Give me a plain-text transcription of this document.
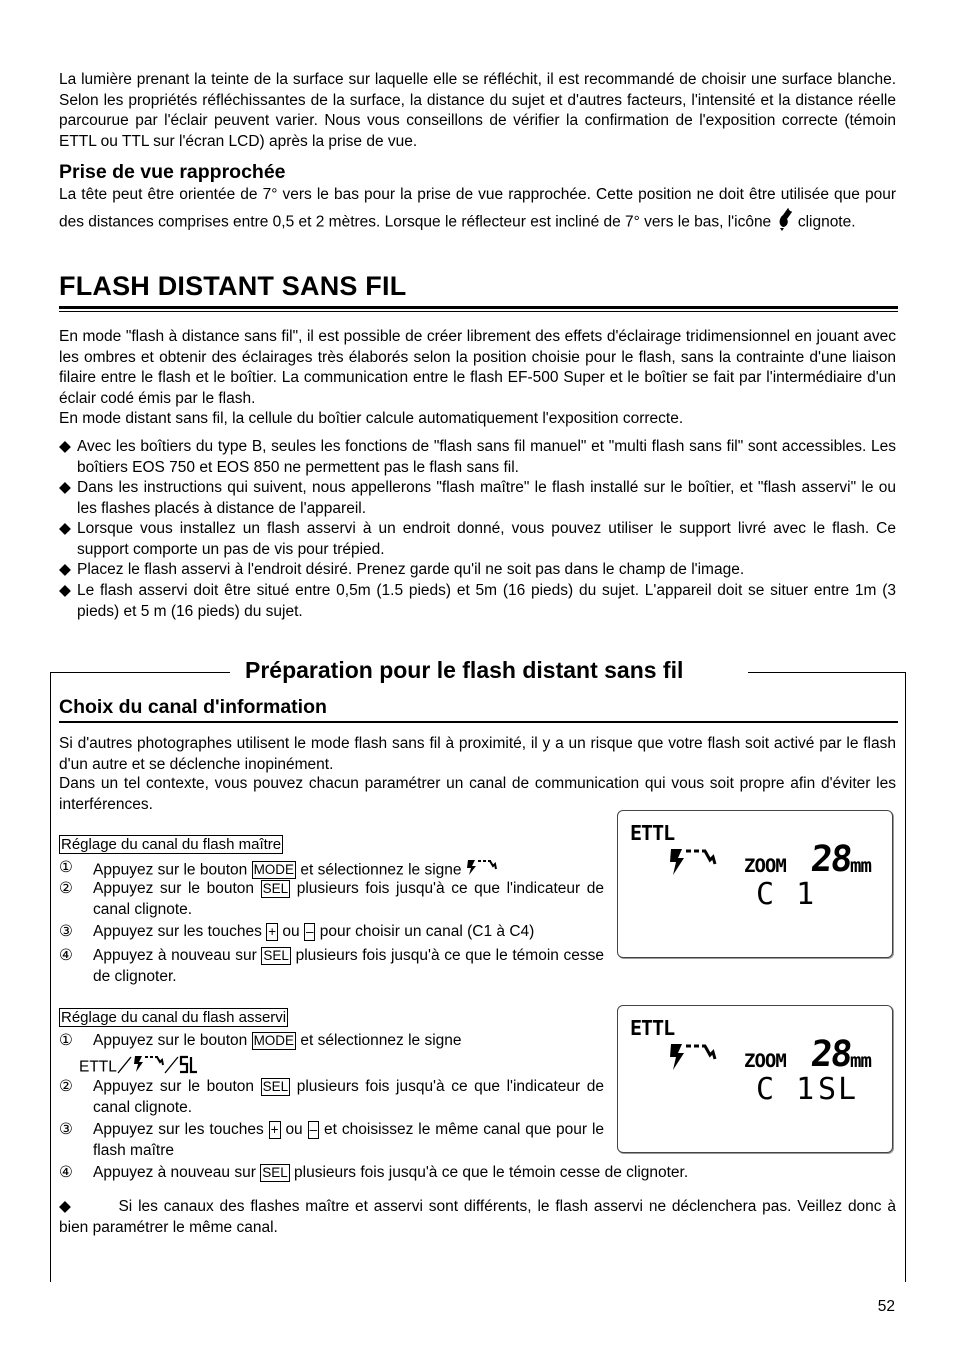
La lumière prenant la teinte de la surface sur laquelle elle se réfléchit, il est recommandé de choisir une surface blanche. Selon les propriétés réfléchissantes de la surface, la distance du sujet et d'autres facteurs, l'intensité et la distance réelle parcourue par l'éclair peuvent varier. Nous vous conseillons de vérifier la confirmation de l'exposition correcte (témoin ETTL ou TTL sur l'écran LCD) après la prise de vue.

Prise de vue rapprochée
La tête peut être orientée de 7° vers le bas pour la prise de vue rapprochée. Cette position ne doit être utilisée que pour des distances comprises entre 0,5 et 2 mètres. Lorsque le réflecteur est incliné de 7° vers le bas, l'icône clignote.
FLASH DISTANT SANS FIL

En mode "flash à distance sans fil", il est possible de créer librement des effets d'éclairage tridimensionnel en jouant avec les ombres et obtenir des éclairages très élaborés selon la position choisie pour le flash, sans la contrainte d'une liaison filaire entre le flash et le boîtier. La communication entre le flash EF-500 Super et le boîtier se fait par l'intermédiaire d'un éclair codé émis par le flash.

En mode distant sans fil, la cellule du boîtier calcule automatiquement l'exposition correcte.

◆ Avec les boîtiers du type B, seules les fonctions de "flash sans fil manuel" et "multi flash sans fil" sont accessibles. Les boîtiers EOS 750 et EOS 850 ne permettent pas le flash sans fil.
◆ Dans les instructions qui suivent, nous appellerons "flash maître" le flash installé sur le boîtier, et "flash asservi" le ou les flashes placés à distance de l'appareil.
◆ Lorsque vous installez un flash asservi à un endroit donné, vous pouvez utiliser le support livré avec le flash. Ce support comporte un pas de vis pour trépied.
◆ Placez le flash asservi à l'endroit désiré. Prenez garde qu'il ne soit pas dans le champ de l'image.
◆ Le flash asservi doit être situé entre 0,5m (1.5 pieds) et 5m (16 pieds) du sujet. L'appareil doit se situer entre 1m (3 pieds) et 5 m (16 pieds) du sujet.
Préparation pour le flash distant sans fil
Choix du canal d'information

Si d'autres photographes utilisent le mode flash sans fil à proximité, il y a un risque que votre flash soit activé par le flash d'un autre et se déclenche inopinément.

Dans un tel contexte, vous pouvez chacun paramétrer un canal de communication qui vous soit propre afin d'éviter les interférences.

Réglage du canal du flash maître
①	Appuyez sur le bouton MODE et sélectionnez le signe
②	Appuyez sur le bouton SEL plusieurs fois jusqu'à ce que l'indicateur de canal clignote.
③	Appuyez sur les touches + ou – pour choisir un canal (C1 à C4)
④	Appuyez à nouveau sur SEL plusieurs fois jusqu'à ce que le témoin cesse de clignoter.
ETTL
ZOOM 28
mm
C 1
Réglage du canal du flash asservi
①	Appuyez sur le bouton MODE et sélectionnez le signe
ETTL
②	Appuyez sur le bouton SEL plusieurs fois jusqu'à ce que l'indicateur de canal clignote.
③	Appuyez sur les touches + ou – et choisissez le même canal que pour le flash maître
④	Appuyez à nouveau sur SEL plusieurs fois jusqu'à ce que le témoin cesse de clignoter.
ETTL
ZOOM 28
mm
C 1 SL
◆	Si les canaux des flashes maître et asservi sont différents, le flash asservi ne déclenchera pas. Veillez donc à bien paramétrer le même canal.
52
